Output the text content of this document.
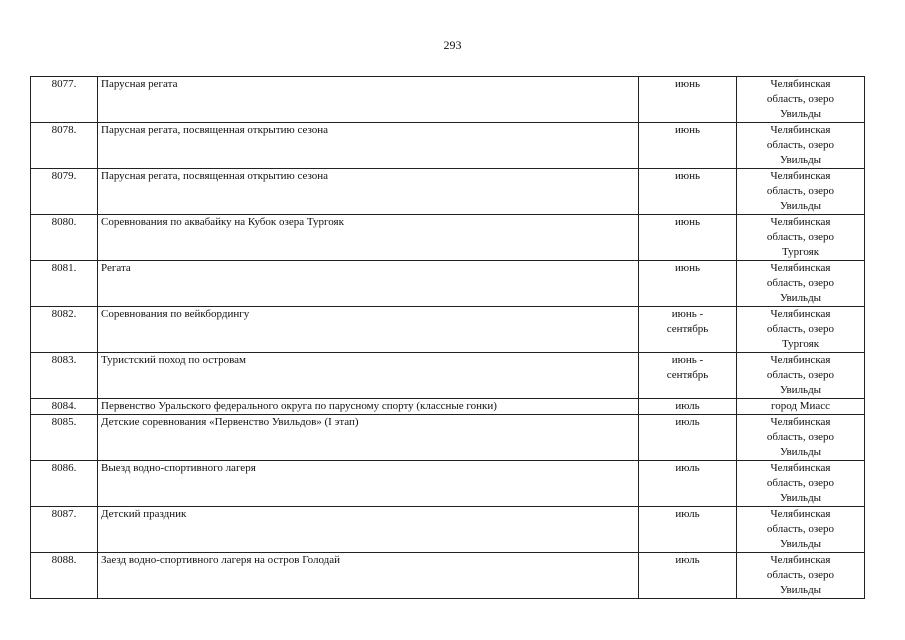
293
8077.	Парусная регата	июнь	Челябинская
область, озеро
Увильды
8078.	Парусная регата, посвященная открытию сезона	июнь	Челябинская
область, озеро
Увильды
8079.	Парусная регата, посвященная открытию сезона	июнь	Челябинская
область, озеро
Увильды
8080.	Соревнования по аквабайку на Кубок озера Тургояк	июнь	Челябинская
область, озеро
Тургояк
8081.	Регата	июнь	Челябинская
область, озеро
Увильды
8082.	Соревнования по вейкбордингу	июнь -
сентябрь	Челябинская
область, озеро
Тургояк
8083.	Туристский поход по островам	июнь -
сентябрь	Челябинская
область, озеро
Увильды
8084.	Первенство Уральского федерального округа по парусному спорту (классные гонки)	июль	город Миасс
8085.	Детские соревнования «Первенство Увильдов» (I этап)	июль	Челябинская
область, озеро
Увильды
8086.	Выезд водно-спортивного лагеря	июль	Челябинская
область, озеро
Увильды
8087.	Детский праздник	июль	Челябинская
область, озеро
Увильды
8088.	Заезд водно-спортивного лагеря на остров Голодай	июль	Челябинская
область, озеро
Увильды
